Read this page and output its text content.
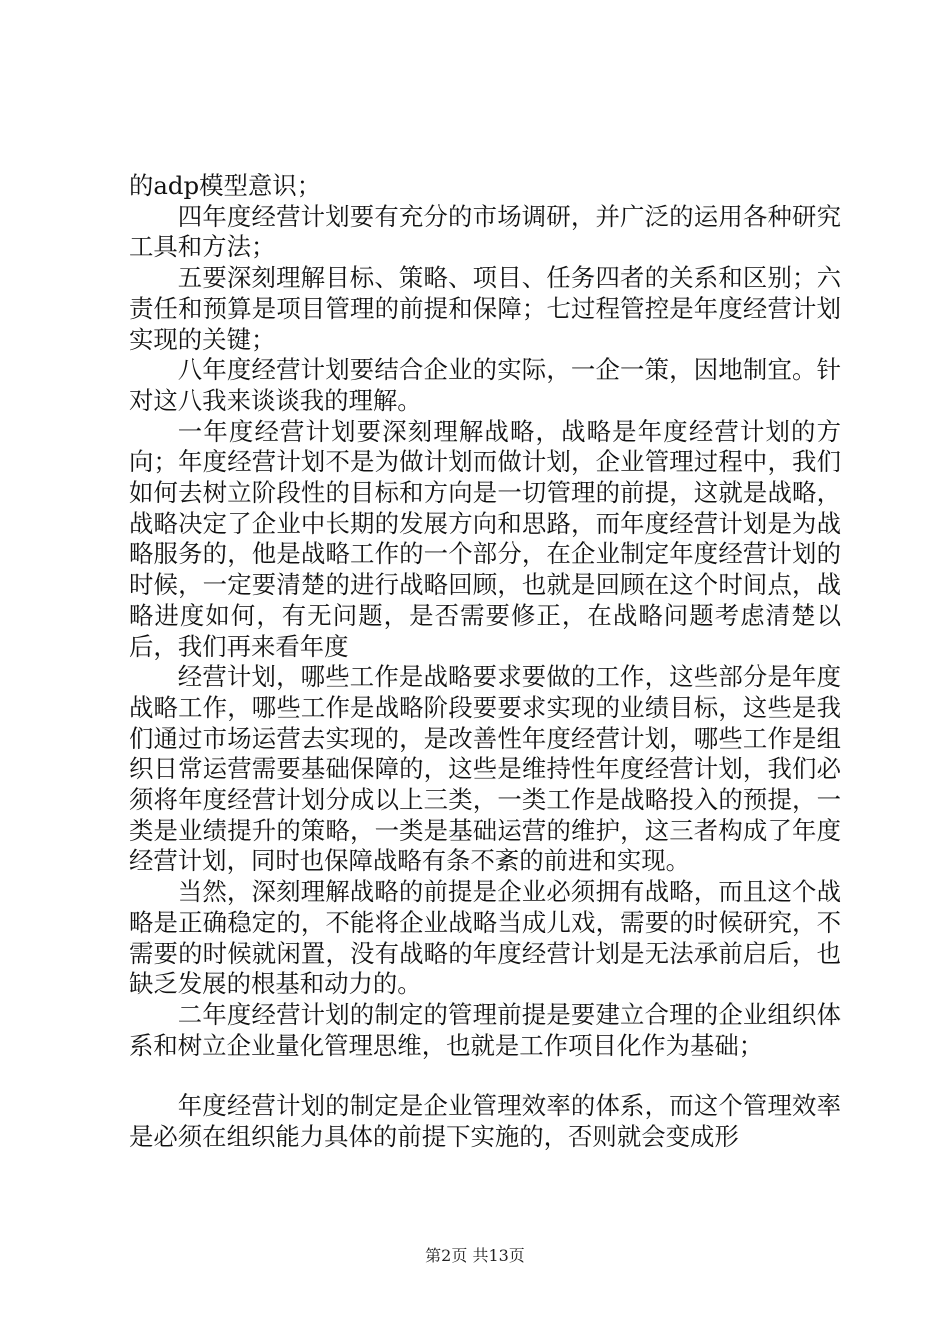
的adp模型意识；

四年度经营计划要有充分的市场调研，并广泛的运用各种研究工具和方法；

五要深刻理解目标、策略、项目、任务四者的关系和区别；六责任和预算是项目管理的前提和保障；七过程管控是年度经营计划实现的关键；

八年度经营计划要结合企业的实际，一企一策，因地制宜。针对这八我来谈谈我的理解。

一年度经营计划要深刻理解战略，战略是年度经营计划的方向；年度经营计划不是为做计划而做计划，企业管理过程中，我们如何去树立阶段性的目标和方向是一切管理的前提，这就是战略，战略决定了企业中长期的发展方向和思路，而年度经营计划是为战略服务的，他是战略工作的一个部分，在企业制定年度经营计划的时候，一定要清楚的进行战略回顾，也就是回顾在这个时间点，战略进度如何，有无问题，是否需要修正，在战略问题考虑清楚以后，我们再来看年度

经营计划，哪些工作是战略要求要做的工作，这些部分是年度战略工作，哪些工作是战略阶段要要求实现的业绩目标，这些是我们通过市场运营去实现的，是改善性年度经营计划，哪些工作是组织日常运营需要基础保障的，这些是维持性年度经营计划，我们必须将年度经营计划分成以上三类，一类工作是战略投入的预提，一类是业绩提升的策略，一类是基础运营的维护，这三者构成了年度经营计划，同时也保障战略有条不紊的前进和实现。

当然，深刻理解战略的前提是企业必须拥有战略，而且这个战略是正确稳定的，不能将企业战略当成儿戏，需要的时候研究，不需要的时候就闲置，没有战略的年度经营计划是无法承前启后，也缺乏发展的根基和动力的。

二年度经营计划的制定的管理前提是要建立合理的企业组织体系和树立企业量化管理思维，也就是工作项目化作为基础；

年度经营计划的制定是企业管理效率的体系，而这个管理效率是必须在组织能力具体的前提下实施的，否则就会变成形

第2页 共13页
